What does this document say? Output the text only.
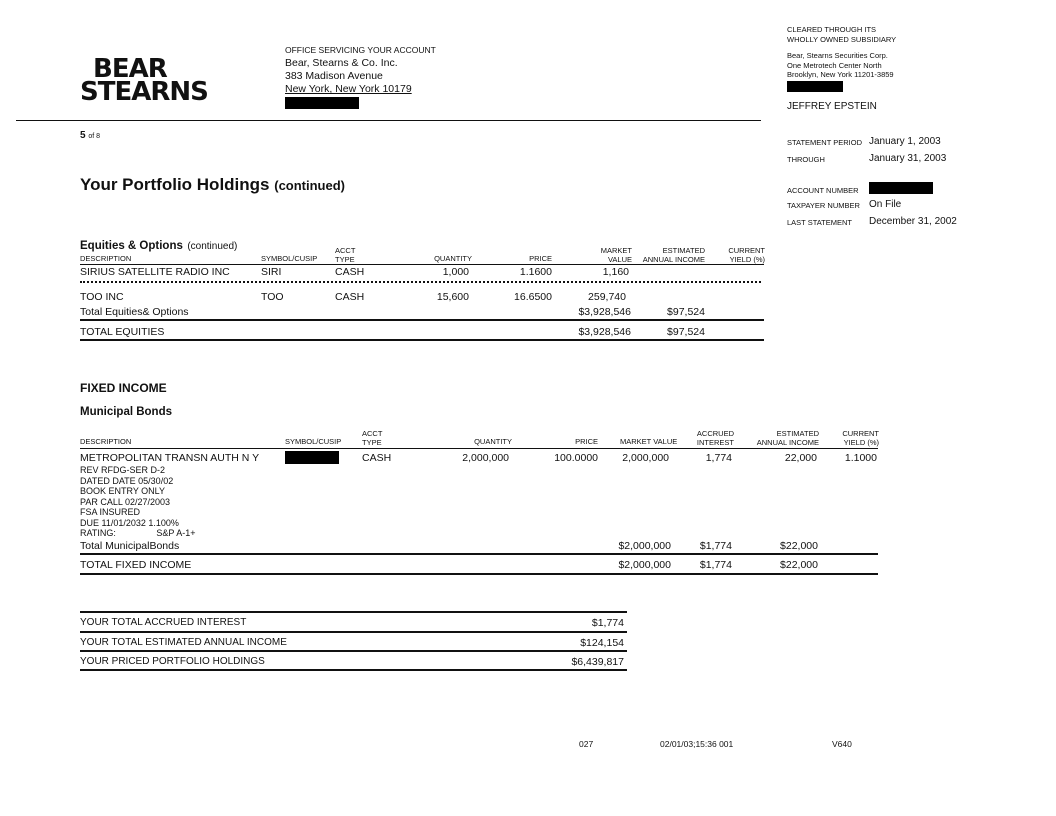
BEAR
STEARNS
OFFICE SERVICING YOUR ACCOUNT
Bear, Stearns & Co. Inc.
383 Madison Avenue
New York, New York 10179
CLEARED THROUGH ITS
WHOLLY OWNED SUBSIDIARY
Bear, Stearns Securities Corp.
One Metrotech Center North
Brooklyn, New York 11201-3859
JEFFREY EPSTEIN
5 of 8
STATEMENT PERIOD January 1, 2003
THROUGH	January 31, 2003
ACCOUNT NUMBER
TAXPAYER NUMBER On File
LAST STATEMENT December 31, 2002
Your Portfolio Holdings (continued)
Equities & Options (continued)
DESCRIPTION	SYMBOL/CUSIP
ACCT
TYPE	QUANTITY	PRICE
MARKET
VALUE
ESTIMATED
ANNUAL INCOME
CURRENT
YIELD (%)
SIRIUS SATELLITE RADIO INC	SIRI	CASH	1,000	1.1600	1,160
TOO INC	TOO	CASH	15,600	16.6500	259,740
Total Equities& Options	$3,928,546	$97,524
TOTAL EQUITIES	$3,928,546	$97,524
FIXED INCOME
Municipal Bonds
DESCRIPTION	SYMBOL/CUSIP
ACCT
TYPE	QUANTITY	PRICE	MARKET VALUE
ACCRUED
INTEREST
ESTIMATED
ANNUAL INCOME
CURRENT
YIELD (%)
METROPOLITAN TRANSN AUTH N Y	CASH	2,000,000	100.0000	2,000,000	1,774	22,000	1.1000
REV RFDG-SER D-2
DATED DATE 05/30/02
BOOK ENTRY ONLY
PAR CALL 02/27/2003
FSA INSURED
DUE 11/01/2032 1.100%
RATING:	S&P A-1+
Total MunicipalBonds	$2,000,000	$1,774	$22,000
TOTAL FIXED INCOME	$2,000,000	$1,774	$22,000
YOUR TOTAL ACCRUED INTEREST	$1,774
YOUR TOTAL ESTIMATED ANNUAL INCOME	$124,154
YOUR PRICED PORTFOLIO HOLDINGS	$6,439,817
027	02/01/03;15:36 001	V640
